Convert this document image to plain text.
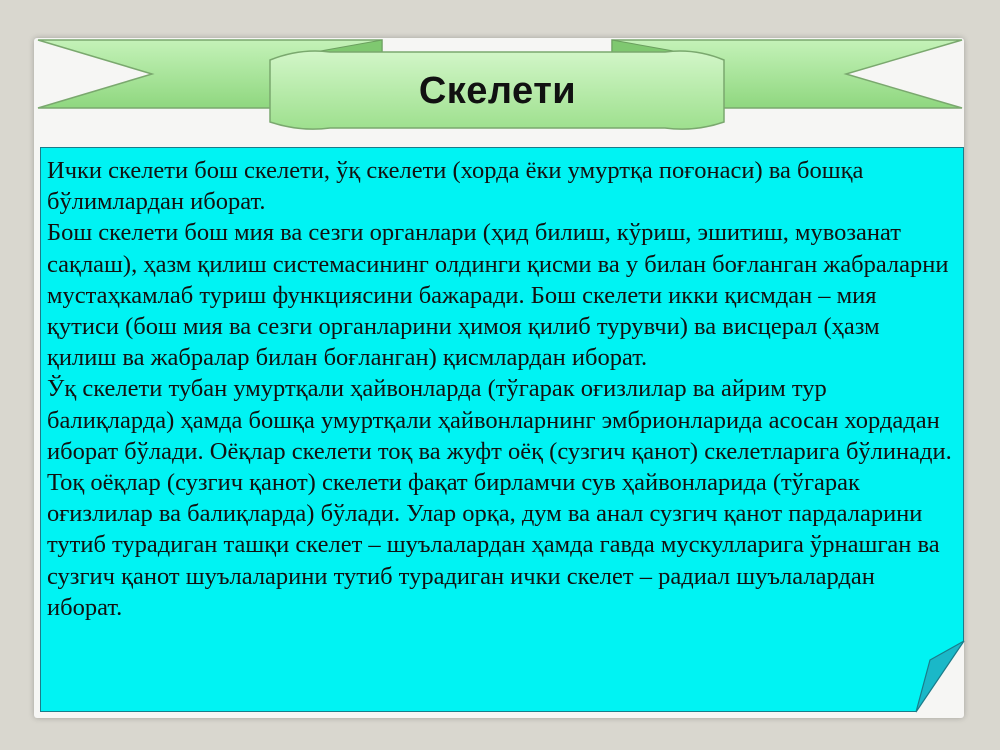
Скелети

Ички скелети бош скелети, ўқ скелети (хорда ёки умуртқа поғонаси) ва бошқа бўлимлардан иборат.

Бош скелети бош мия ва сезги органлари (ҳид билиш, кўриш, эшитиш, мувозанат сақлаш), ҳазм қилиш системасининг олдинги қисми ва у билан боғланган жабраларни мустаҳкамлаб туриш функциясини бажаради. Бош скелети икки қисмдан – мия қутиси (бош мия ва сезги органларини ҳимоя қилиб турувчи) ва висцерал (ҳазм қилиш ва жабралар билан боғланган) қисмлардан иборат.

Ўқ скелети тубан умуртқали ҳайвонларда (тўгарак оғизлилар ва айрим тур балиқларда) ҳамда бошқа умуртқали ҳайвонларнинг эмбрионларида асосан хордадан иборат бўлади. Оёқлар скелети тоқ ва жуфт оёқ (сузгич қанот) скелетларига бўлинади. Тоқ оёқлар (сузгич қанот) скелети фақат бирламчи сув ҳайвонларида (тўгарак оғизлилар ва балиқларда) бўлади. Улар орқа, дум ва анал сузгич қанот пардаларини тутиб турадиган ташқи скелет – шуълалардан ҳамда гавда мускулларига ўрнашган ва сузгич қанот шуълаларини тутиб турадиган ички скелет – радиал шуълалардан иборат.
